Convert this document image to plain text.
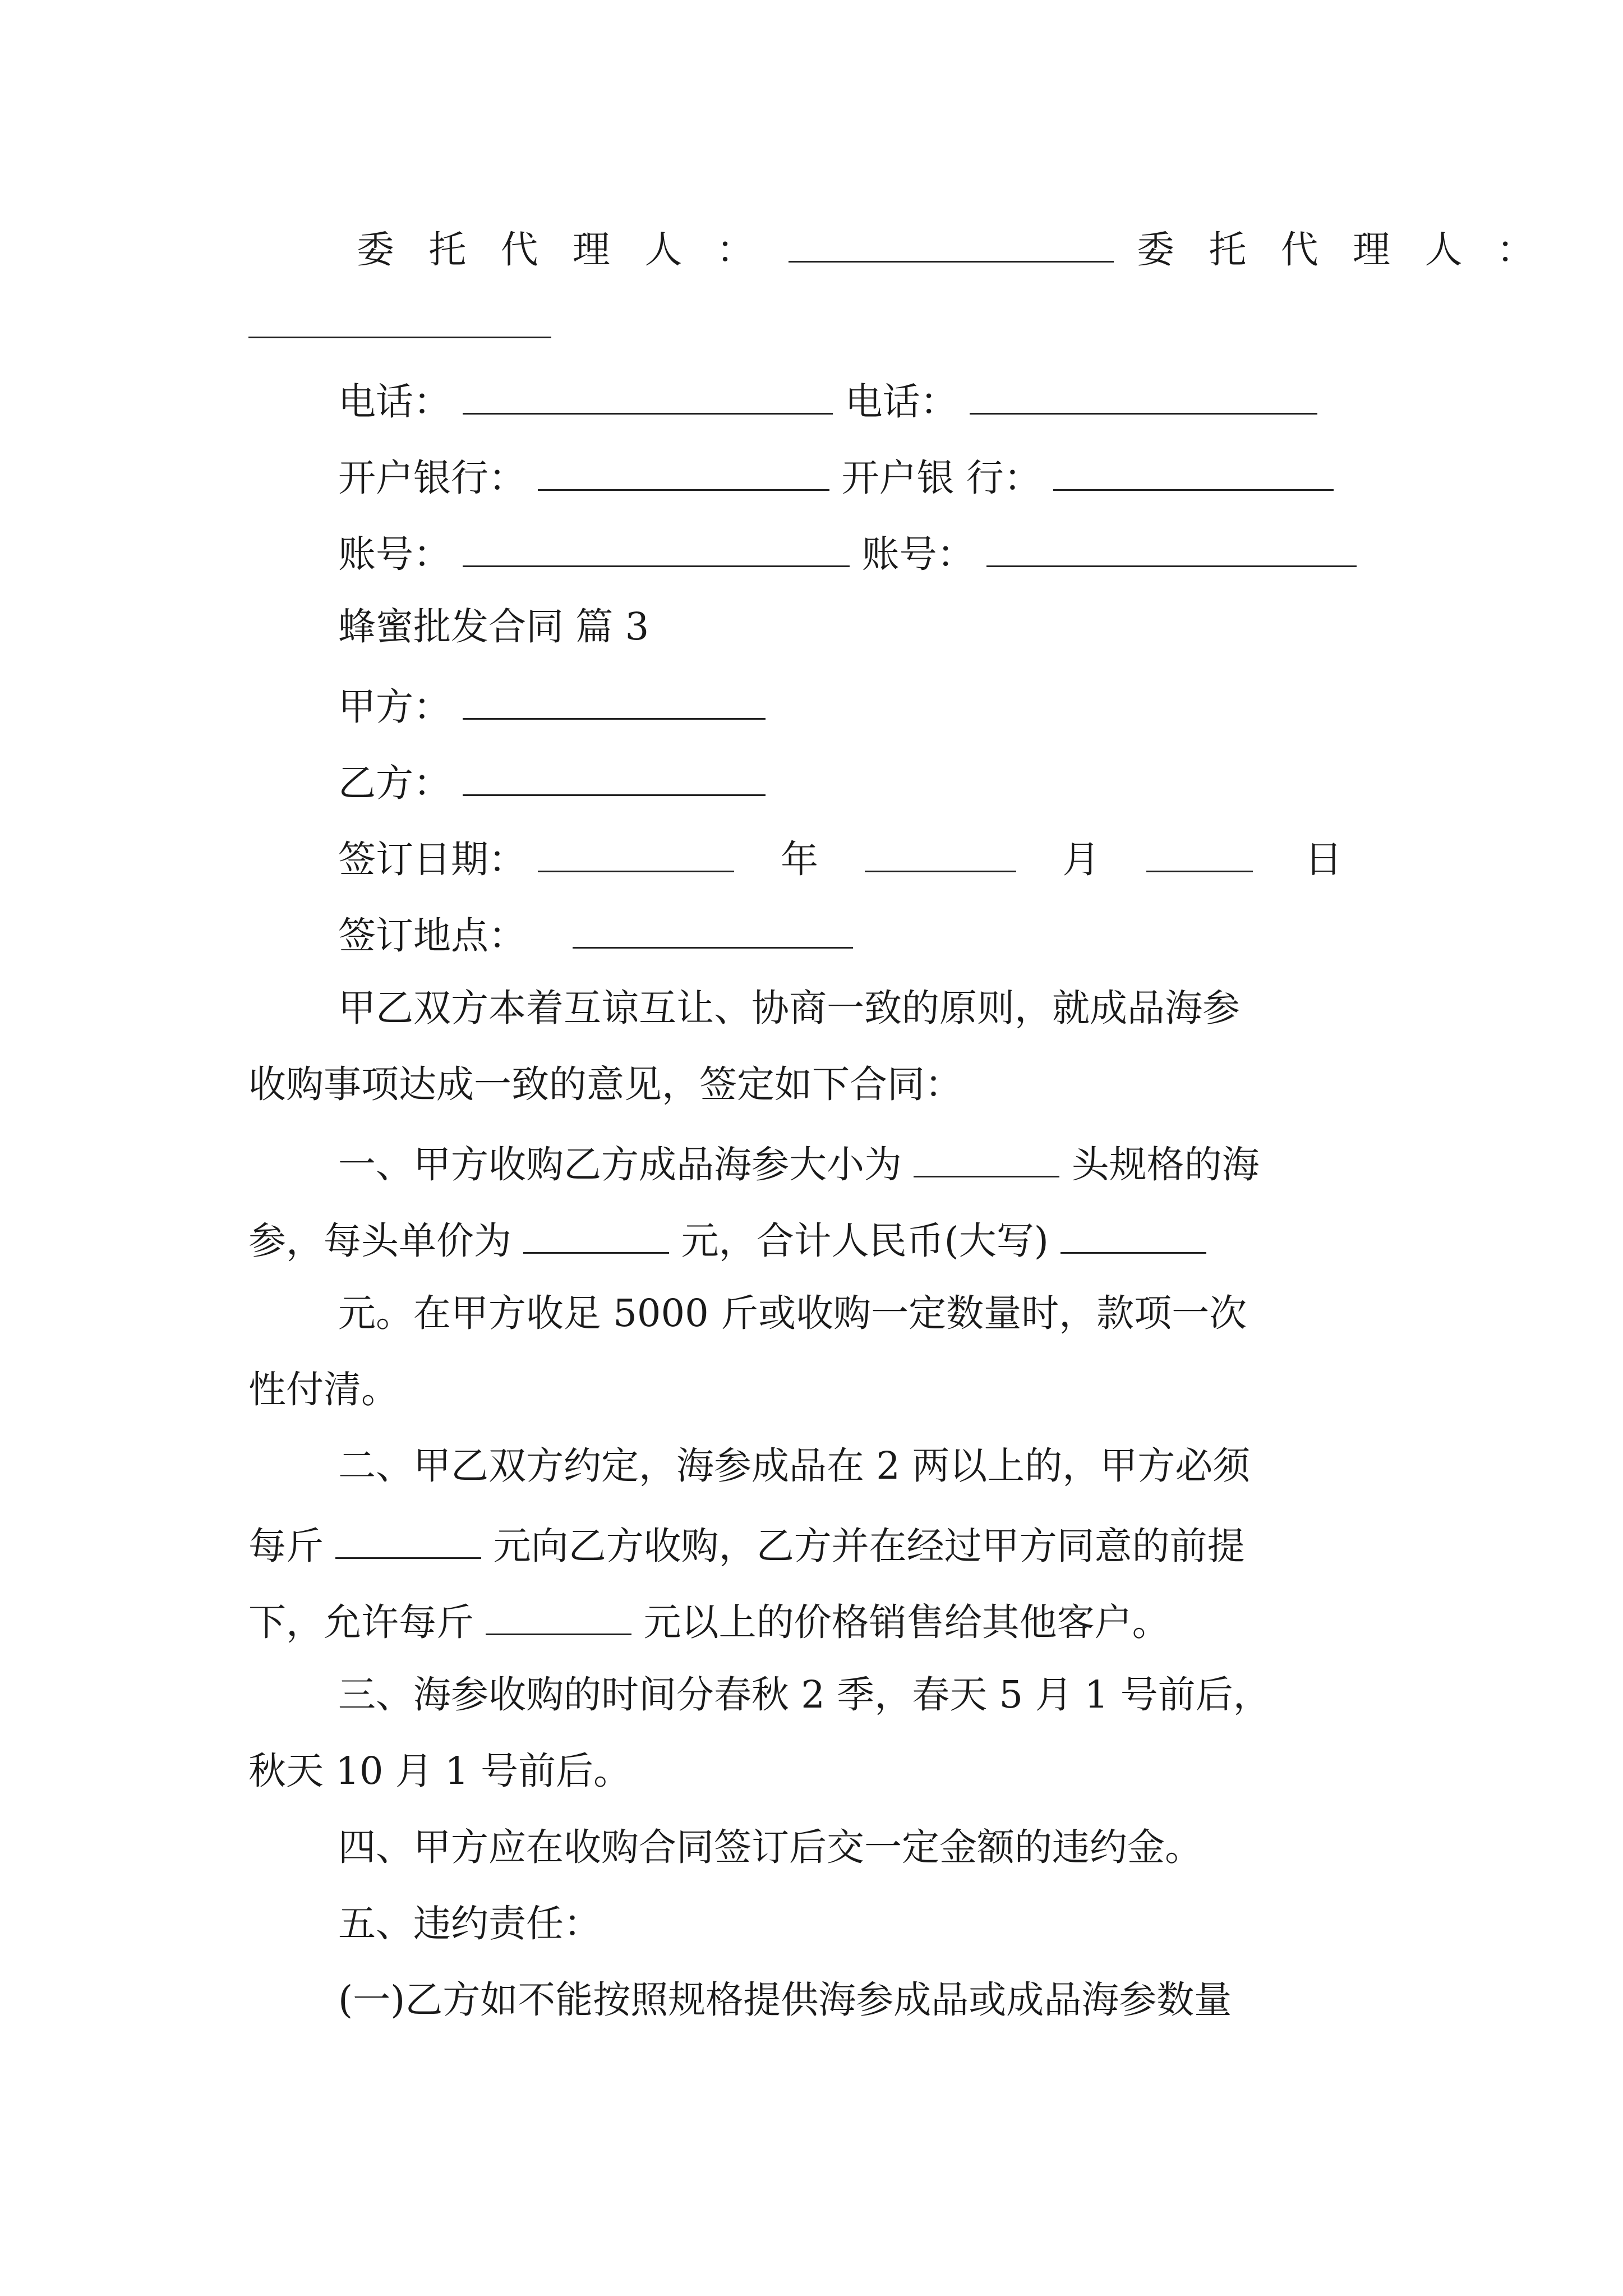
委 托 代 理 人 ：	委 托 代 理 人 ：
电话：	电话：
开户银行：	开户银 行：
账号：	账号：
蜂蜜批发合同 篇 3
甲方：
乙方：
签订日期：	年	月	日
签订地点：
甲乙双方本着互谅互让、协商一致的原则，就成品海参
收购事项达成一致的意见，签定如下合同：
一、甲方收购乙方成品海参大小为	头规格的海
参，每头单价为	元，合计人民币(大写)
元。在甲方收足 5000 斤或收购一定数量时，款项一次
性付清。
二、甲乙双方约定，海参成品在 2 两以上的，甲方必须
每斤	元向乙方收购，乙方并在经过甲方同意的前提
下，允许每斤	元以上的价格销售给其他客户。
三、海参收购的时间分春秋 2 季，春天 5 月 1 号前后，
秋天 10 月 1 号前后。
四、甲方应在收购合同签订后交一定金额的违约金。
五、违约责任：
(一)乙方如不能按照规格提供海参成品或成品海参数量
